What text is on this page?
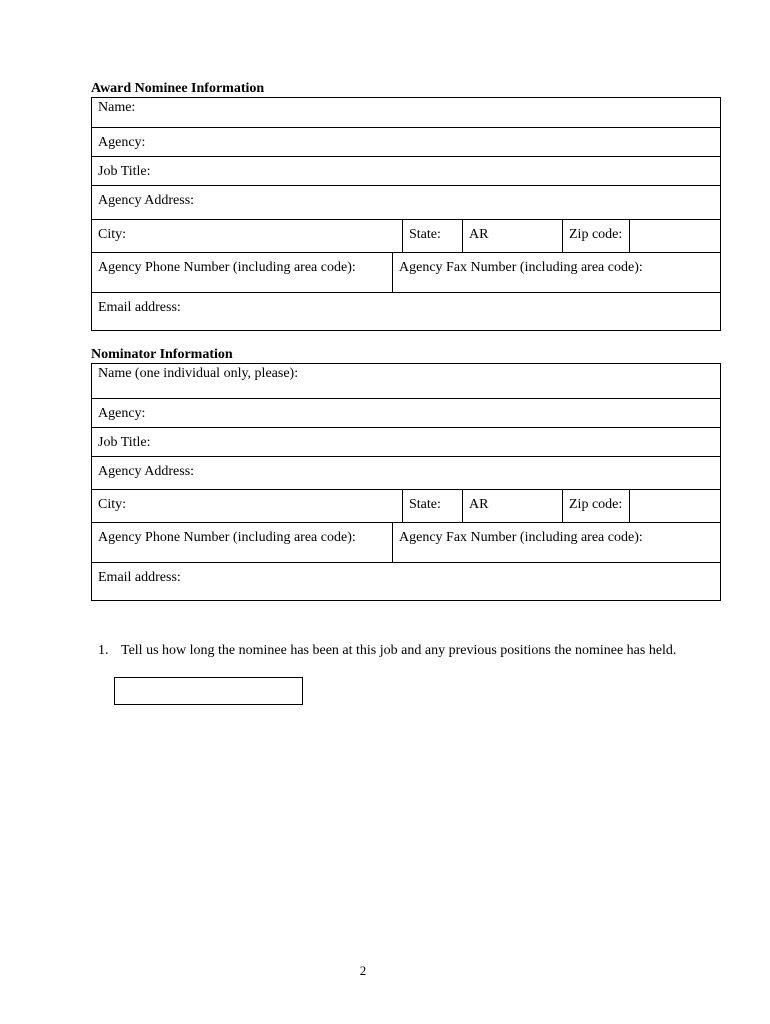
Award Nominee Information
Name:
Agency:
Job Title:
Agency Address:
City:	State:	AR	Zip code:
Agency Phone Number (including area code):	Agency Fax Number (including area code):
Email address:
Nominator Information
Name (one individual only, please):
Agency:
Job Title:
Agency Address:
City:	State:	AR	Zip code:
Agency Phone Number (including area code):	Agency Fax Number (including area code):
Email address:
1. Tell us how long the nominee has been at this job and any previous positions the nominee has held.
2
